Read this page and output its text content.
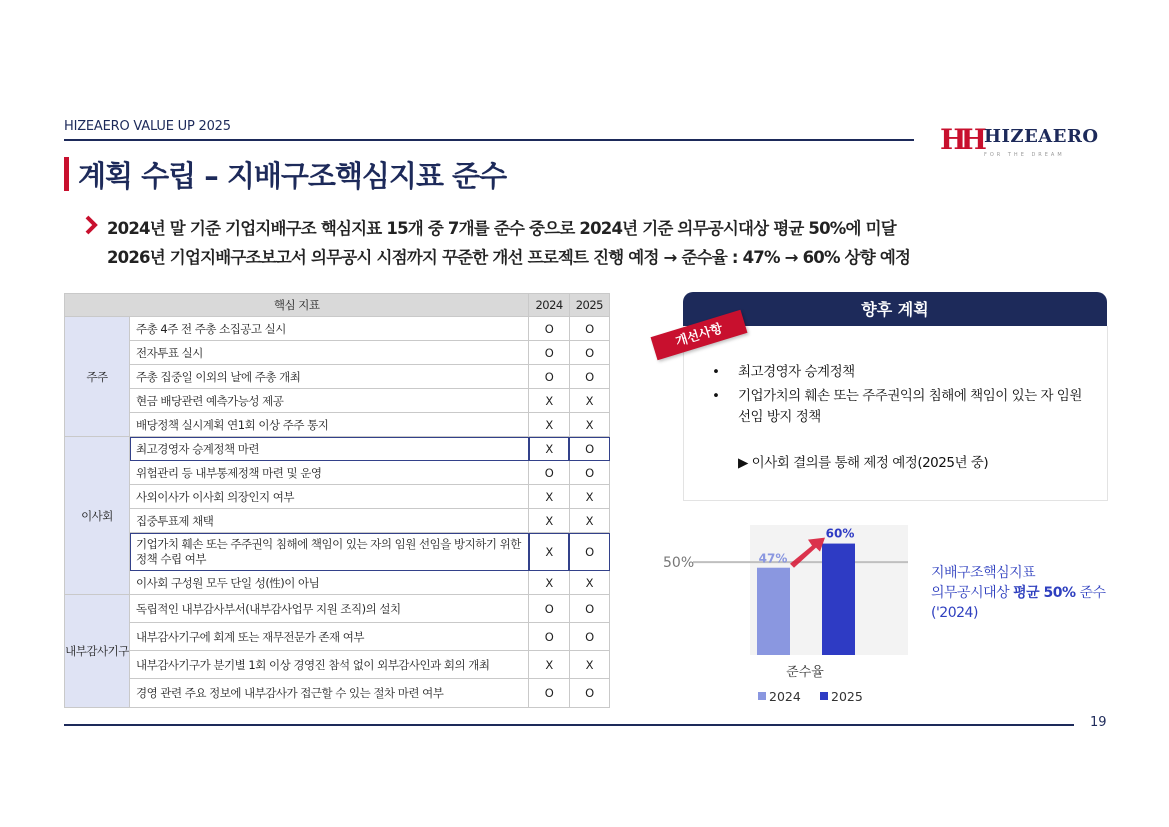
HIZEAERO VALUE UP 2025	HH HIZEAERO
FOR THE DREAM
계획 수립 – 지배구조핵심지표 준수
2024년 말 기준 기업지배구조 핵심지표 15개 중 7개를 준수 중으로 2024년 기준 의무공시대상 평균 50%에 미달
2026년 기업지배구조보고서 의무공시 시점까지 꾸준한 개선 프로젝트 진행 예정 → 준수율 : 47% → 60% 상향 예정
핵심 지표		2024	2025
주주	주총 4주 전 주총 소집공고 실시	O	O
	전자투표 실시	O	O
	주총 집중일 이외의 날에 주총 개최	O	O
	현금 배당관련 예측가능성 제공	X	X
	배당정책 실시계획 연1회 이상 주주 통지	X	X
이사회	최고경영자 승계정책 마련	X	O
	위험관리 등 내부통제정책 마련 및 운영	O	O
	사외이사가 이사회 의장인지 여부	X	X
	집중투표제 채택	X	X
	기업가치 훼손 또는 주주권익 침해에 책임이 있는 자의 임원 선임을 방지하기 위한 정책 수립 여부	X	O
	이사회 구성원 모두 단일 성(性)이 아님	X	X
내부감사기구	독립적인 내부감사부서(내부감사업무 지원 조직)의 설치	O	O
	내부감사기구에 회계 또는 재무전문가 존재 여부	O	O
	내부감사기구가 분기별 1회 이상 경영진 참석 없이 외부감사인과 회의 개최	X	X
	경영 관련 주요 정보에 내부감사가 접근할 수 있는 절차 마련 여부	O	O
향후 계획
개선사항
• 최고경영자 승계정책
• 기업가치의 훼손 또는 주주권익의 침해에 책임이 있는 자 임원 선임 방지 정책
▶ 이사회 결의를 통해 제정 예정(2025년 중)
50%	47%
60%
준수율
2024 2025
지배구조핵심지표
의무공시대상 평균 50% 준수
('2024)
19
